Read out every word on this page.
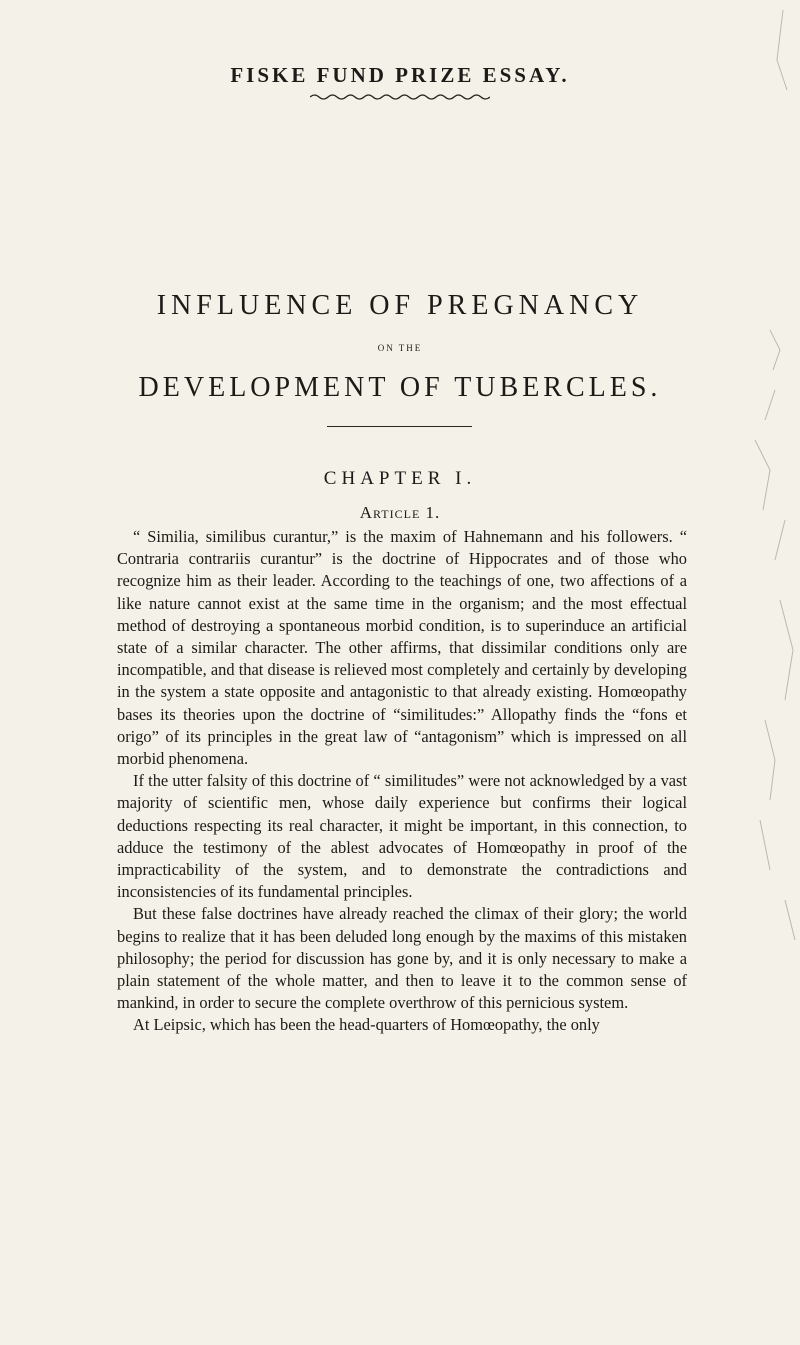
FISKE FUND PRIZE ESSAY.
INFLUENCE OF PREGNANCY
ON THE
DEVELOPMENT OF TUBERCLES.
CHAPTER I.
Article 1.

“ Similia, similibus curantur,” is the maxim of Hahnemann and his followers. “ Contraria contrariis curantur” is the doctrine of Hippocrates and of those who recognize him as their leader. According to the teachings of one, two affections of a like nature cannot exist at the same time in the organism; and the most effectual method of destroying a spontaneous morbid condition, is to superinduce an artificial state of a similar character. The other affirms, that dissimilar conditions only are incompatible, and that disease is relieved most completely and certainly by developing in the system a state opposite and antagonistic to that already existing. Homœopathy bases its theories upon the doctrine of “similitudes:” Allopathy finds the “fons et origo” of its principles in the great law of “antagonism” which is impressed on all morbid phenomena.

If the utter falsity of this doctrine of “ similitudes” were not acknowledged by a vast majority of scientific men, whose daily experience but confirms their logical deductions respecting its real character, it might be important, in this connection, to adduce the testimony of the ablest advocates of Homœopathy in proof of the impracticability of the system, and to demonstrate the contradictions and inconsistencies of its fundamental principles.

But these false doctrines have already reached the climax of their glory; the world begins to realize that it has been deluded long enough by the maxims of this mistaken philosophy; the period for discussion has gone by, and it is only necessary to make a plain statement of the whole matter, and then to leave it to the common sense of mankind, in order to secure the complete overthrow of this pernicious system.

At Leipsic, which has been the head-quarters of Homœopathy, the only
